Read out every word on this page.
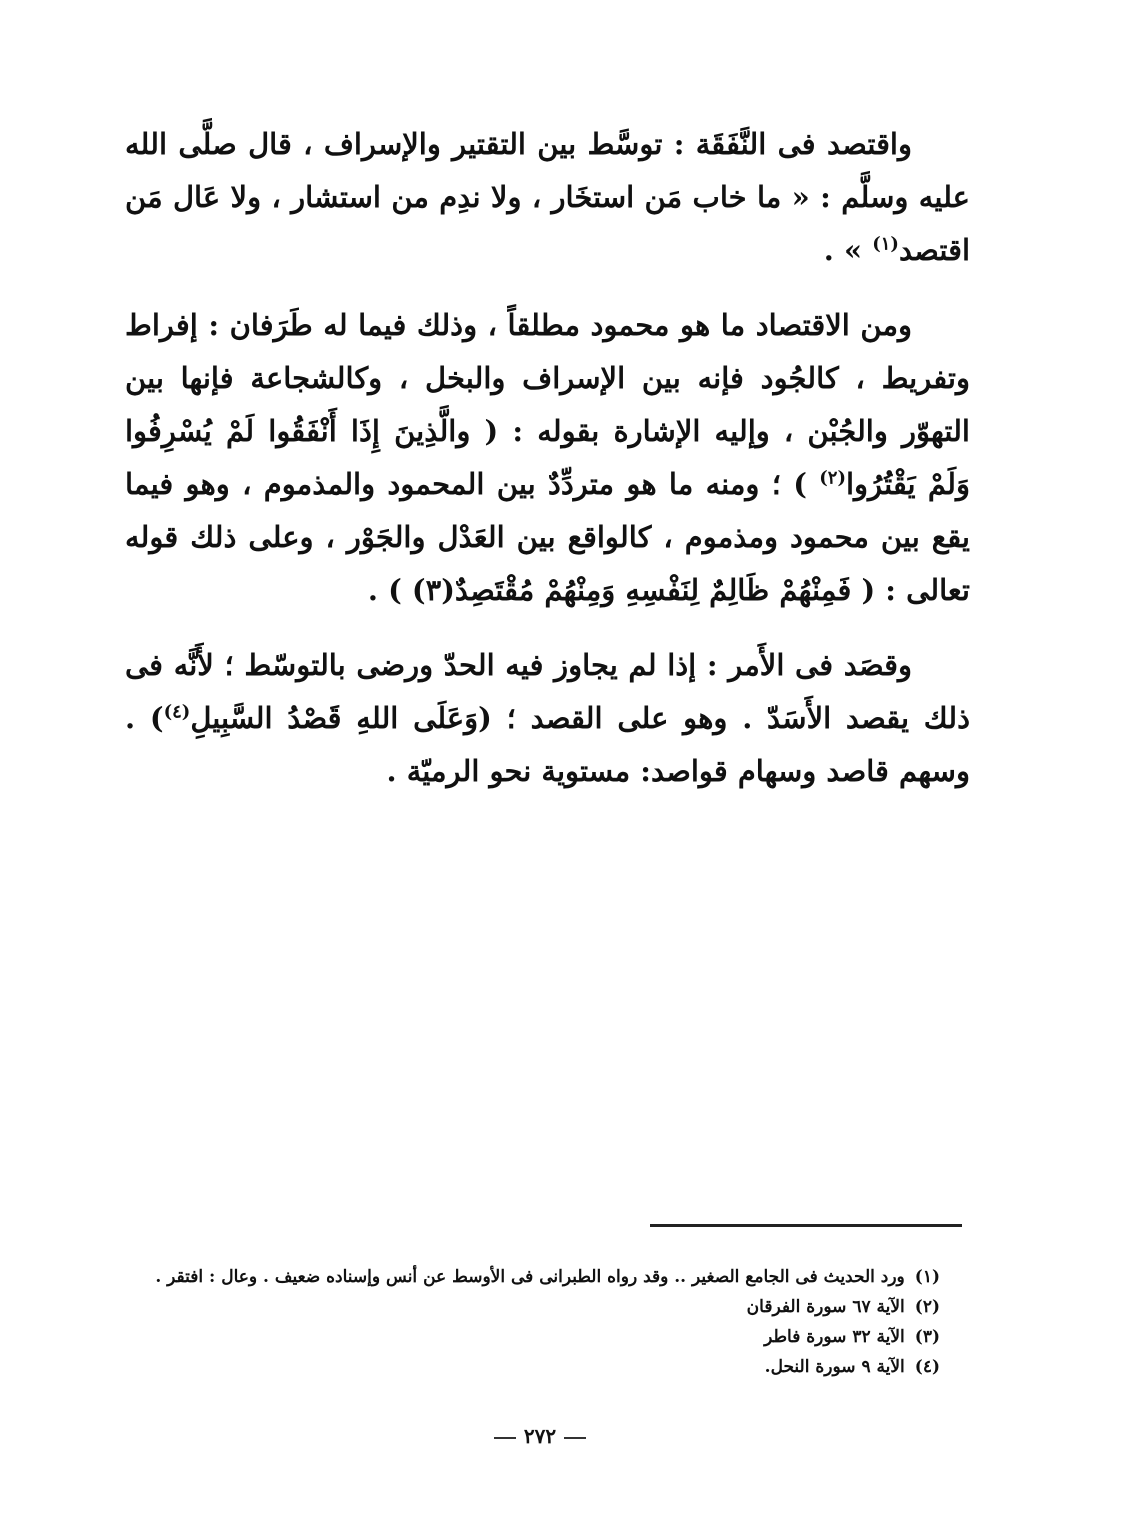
واقتصد فى النَّفَقَة : توسَّط بين التقتير والإسراف ، قال صلَّى الله عليه وسلَّم : « ما خاب مَن استخَار ، ولا ندِم من استشار ، ولا عَال مَن اقتصد$^{(١)}$ » .

ومن الاقتصاد ما هو محمود مطلقاً ، وذلك فيما له طَرَفان : إفراط وتفريط ، كالجُود فإنه بين الإسراف والبخل ، وكالشجاعة فإنها بين التهوّر والجُبْن ، وإليه الإشارة بقوله : ( والَّذِينَ إِذَا أَنْفَقُوا لَمْ يُسْرِفُوا وَلَمْ يَقْتُرُوا$^{(٢)}$ ) ؛ ومنه ما هو متردِّدٌ بين المحمود والمذموم ، وهو فيما يقع بين محمود ومذموم ، كالواقع بين العَدْل والجَوْر ، وعلى ذلك قوله تعالى : ( فَمِنْهُمْ ظَالِمٌ لِنَفْسِهِ وَمِنْهُمْ مُقْتَصِدٌ(٣) ) .

وقصَد فى الأَمر : إذا لم يجاوز فيه الحدّ ورضى بالتوسّط ؛ لأَنَّه فى ذلك يقصد الأَسَدّ . وهو على القصد ؛ (وَعَلَى اللهِ قَصْدُ السَّبِيلِ$^{(٤)}$) . وسهم قاصد وسهام قواصد: مستوية نحو الرميّة .

(١)ورد الحديث فى الجامع الصغير .. وقد رواه الطبرانى فى الأوسط عن أنس وإسناده ضعيف . وعال : افتقر .
(٢)الآية ٦٧ سورة الفرقان
(٣)الآية ٣٢ سورة فاطر
(٤)الآية ٩ سورة النحل.
٢٧٢
